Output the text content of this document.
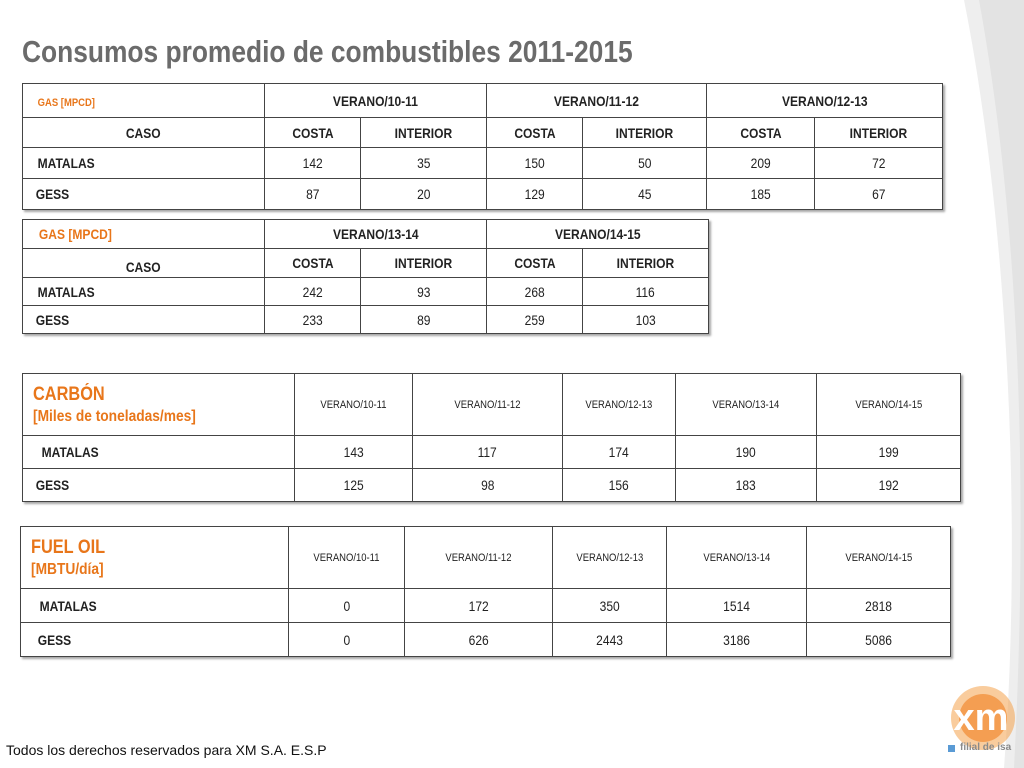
Consumos promedio de combustibles 2011-2015
GAS [MPCD]	VERANO/10-11		VERANO/11-12		VERANO/12-13	
CASO	COSTA	INTERIOR	COSTA	INTERIOR	COSTA	INTERIOR
MATALAS	142	35	150	50	209	72
GESS	87	20	129	45	185	67
GAS [MPCD]	VERANO/13-14		VERANO/14-15	
CASO	COSTA	INTERIOR	COSTA	INTERIOR
MATALAS	242	93	268	116
GESS	233	89	259	103
CARBÓN
[Miles de toneladas/mes]	VERANO/10-11	VERANO/11-12	VERANO/12-13	VERANO/13-14	VERANO/14-15
MATALAS	143	117	174	190	199
GESS	125	98	156	183	192
FUEL OIL
[MBTU/día]	VERANO/10-11	VERANO/11-12	VERANO/12-13	VERANO/13-14	VERANO/14-15
MATALAS	0	172	350	1514	2818
GESS	0	626	2443	3186	5086
Todos los derechos reservados para XM S.A. E.S.P
xm
filial de isa
